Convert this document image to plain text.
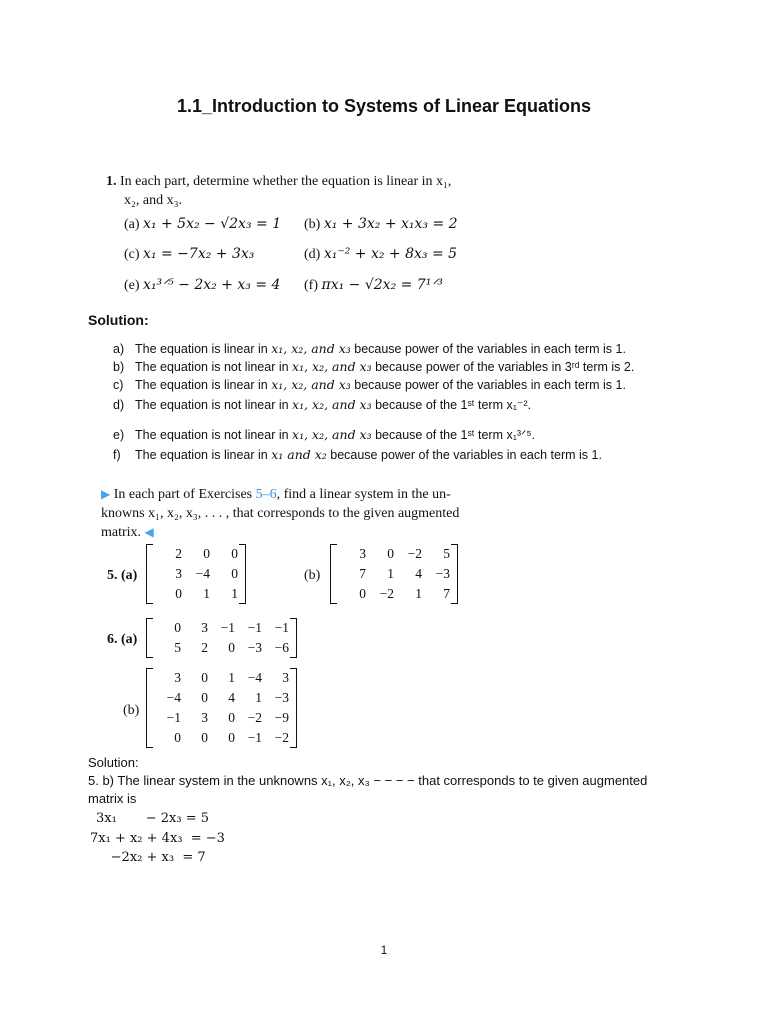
1.1_Introduction to Systems of Linear Equations
1. In each part, determine whether the equation is linear in x₁,
x₂, and x₃.
(a) x₁ + 5x₂ − √2x₃ = 1 (b) x₁ + 3x₂ + x₁x₃ = 2
(c) x₁ = −7x₂ + 3x₃	(d) x₁⁻² + x₂ + 8x₃ = 5
(e) x₁³ᐟ⁵ − 2x₂ + x₃ = 4 (f) πx₁ − √2x₂ = 7¹ᐟ³
Solution:
a) The equation is linear in x₁, x₂, and x₃ because power of the variables in each term is 1.
b) The equation is not linear in x₁, x₂, and x₃ because power of the variables in 3ʳᵈ term is 2.
c) The equation is linear in x₁, x₂, and x₃ because power of the variables in each term is 1.
d) The equation is not linear in x₁, x₂, and x₃ because of the 1ˢᵗ term x₁⁻².
e) The equation is not linear in x₁, x₂, and x₃ because of the 1ˢᵗ term x₁³ᐟ⁵.
f) The equation is linear in x₁ and x₂ because power of the variables in each term is 1.
▶ In each part of Exercises 5–6, find a linear system in the un-
knowns x₁, x₂, x₃, . . . , that corresponds to the given augmented
matrix. ◀
5. (a)
2	0	0
3	−4	0
0	1	1
(b)
3	0	−2	5
7	1	4	−3
0	−2	1	7
6. (a)
0	3	−1	−1	−1
5	2	0	−3	−6
(b)
3	0	1	−4	3
−4	0	4	1	−3
−1	3	0	−2	−9
0	0	0	−1	−2
Solution:
5. b) The linear system in the unknowns x₁, x₂, x₃ − − − − that corresponds to te given augmented
matrix is
3x₁       − 2x₃ = 5
7x₁ + x₂ + 4x₃  = −3
−2x₂ + x₃  = 7
1
